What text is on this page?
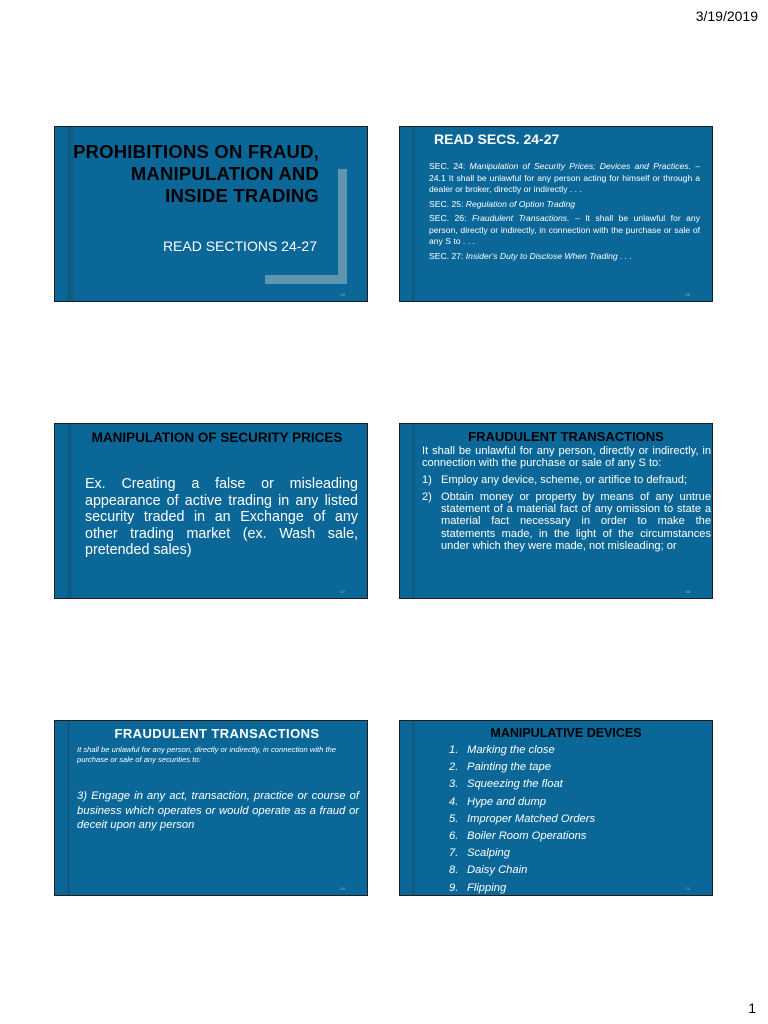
3/19/2019
PROHIBITIONS ON FRAUD, MANIPULATION AND INSIDE TRADING
READ SECTIONS 24-27
65
READ SECS. 24-27

SEC. 24: Manipulation of Security Prices; Devices and Practices. – 24.1 It shall be unlawful for any person acting for himself or through a dealer or broker, directly or indirectly . . .

SEC. 25: Regulation of Option Trading

SEC. 26: Fraudulent Transactions. – It shall be unlawful for any person, directly or indirectly, in connection with the purchase or sale of any S to . . .

SEC. 27: Insider's Duty to Disclose When Trading . . .

66
MANIPULATION OF SECURITY PRICES
Ex. Creating a false or misleading appearance of active trading in any listed security traded in an Exchange of any other trading market (ex. Wash sale, pretended sales)
67
FRAUDULENT TRANSACTIONS

It shall be unlawful for any person, directly or indirectly, in connection with the purchase or sale of any S to:

1) Employ any device, scheme, or artifice to defraud;
2) Obtain money or property by means of any untrue statement of a material fact of any omission to state a material fact necessary in order to make the statements made, in the light of the circumstances under which they were made, not misleading; or
68
FRAUDULENT TRANSACTIONS
It shall be unlawful for any person, directly or indirectly, in connection with the purchase or sale of any securities to:
3) Engage in any act, transaction, practice or course of business which operates or would operate as a fraud or deceit upon any person
69
MANIPULATIVE DEVICES
1. Marking the close
2. Painting the tape
3. Squeezing the float
4. Hype and dump
5. Improper Matched Orders
6. Boiler Room Operations
7. Scalping
8. Daisy Chain
9. Flipping	70
1
